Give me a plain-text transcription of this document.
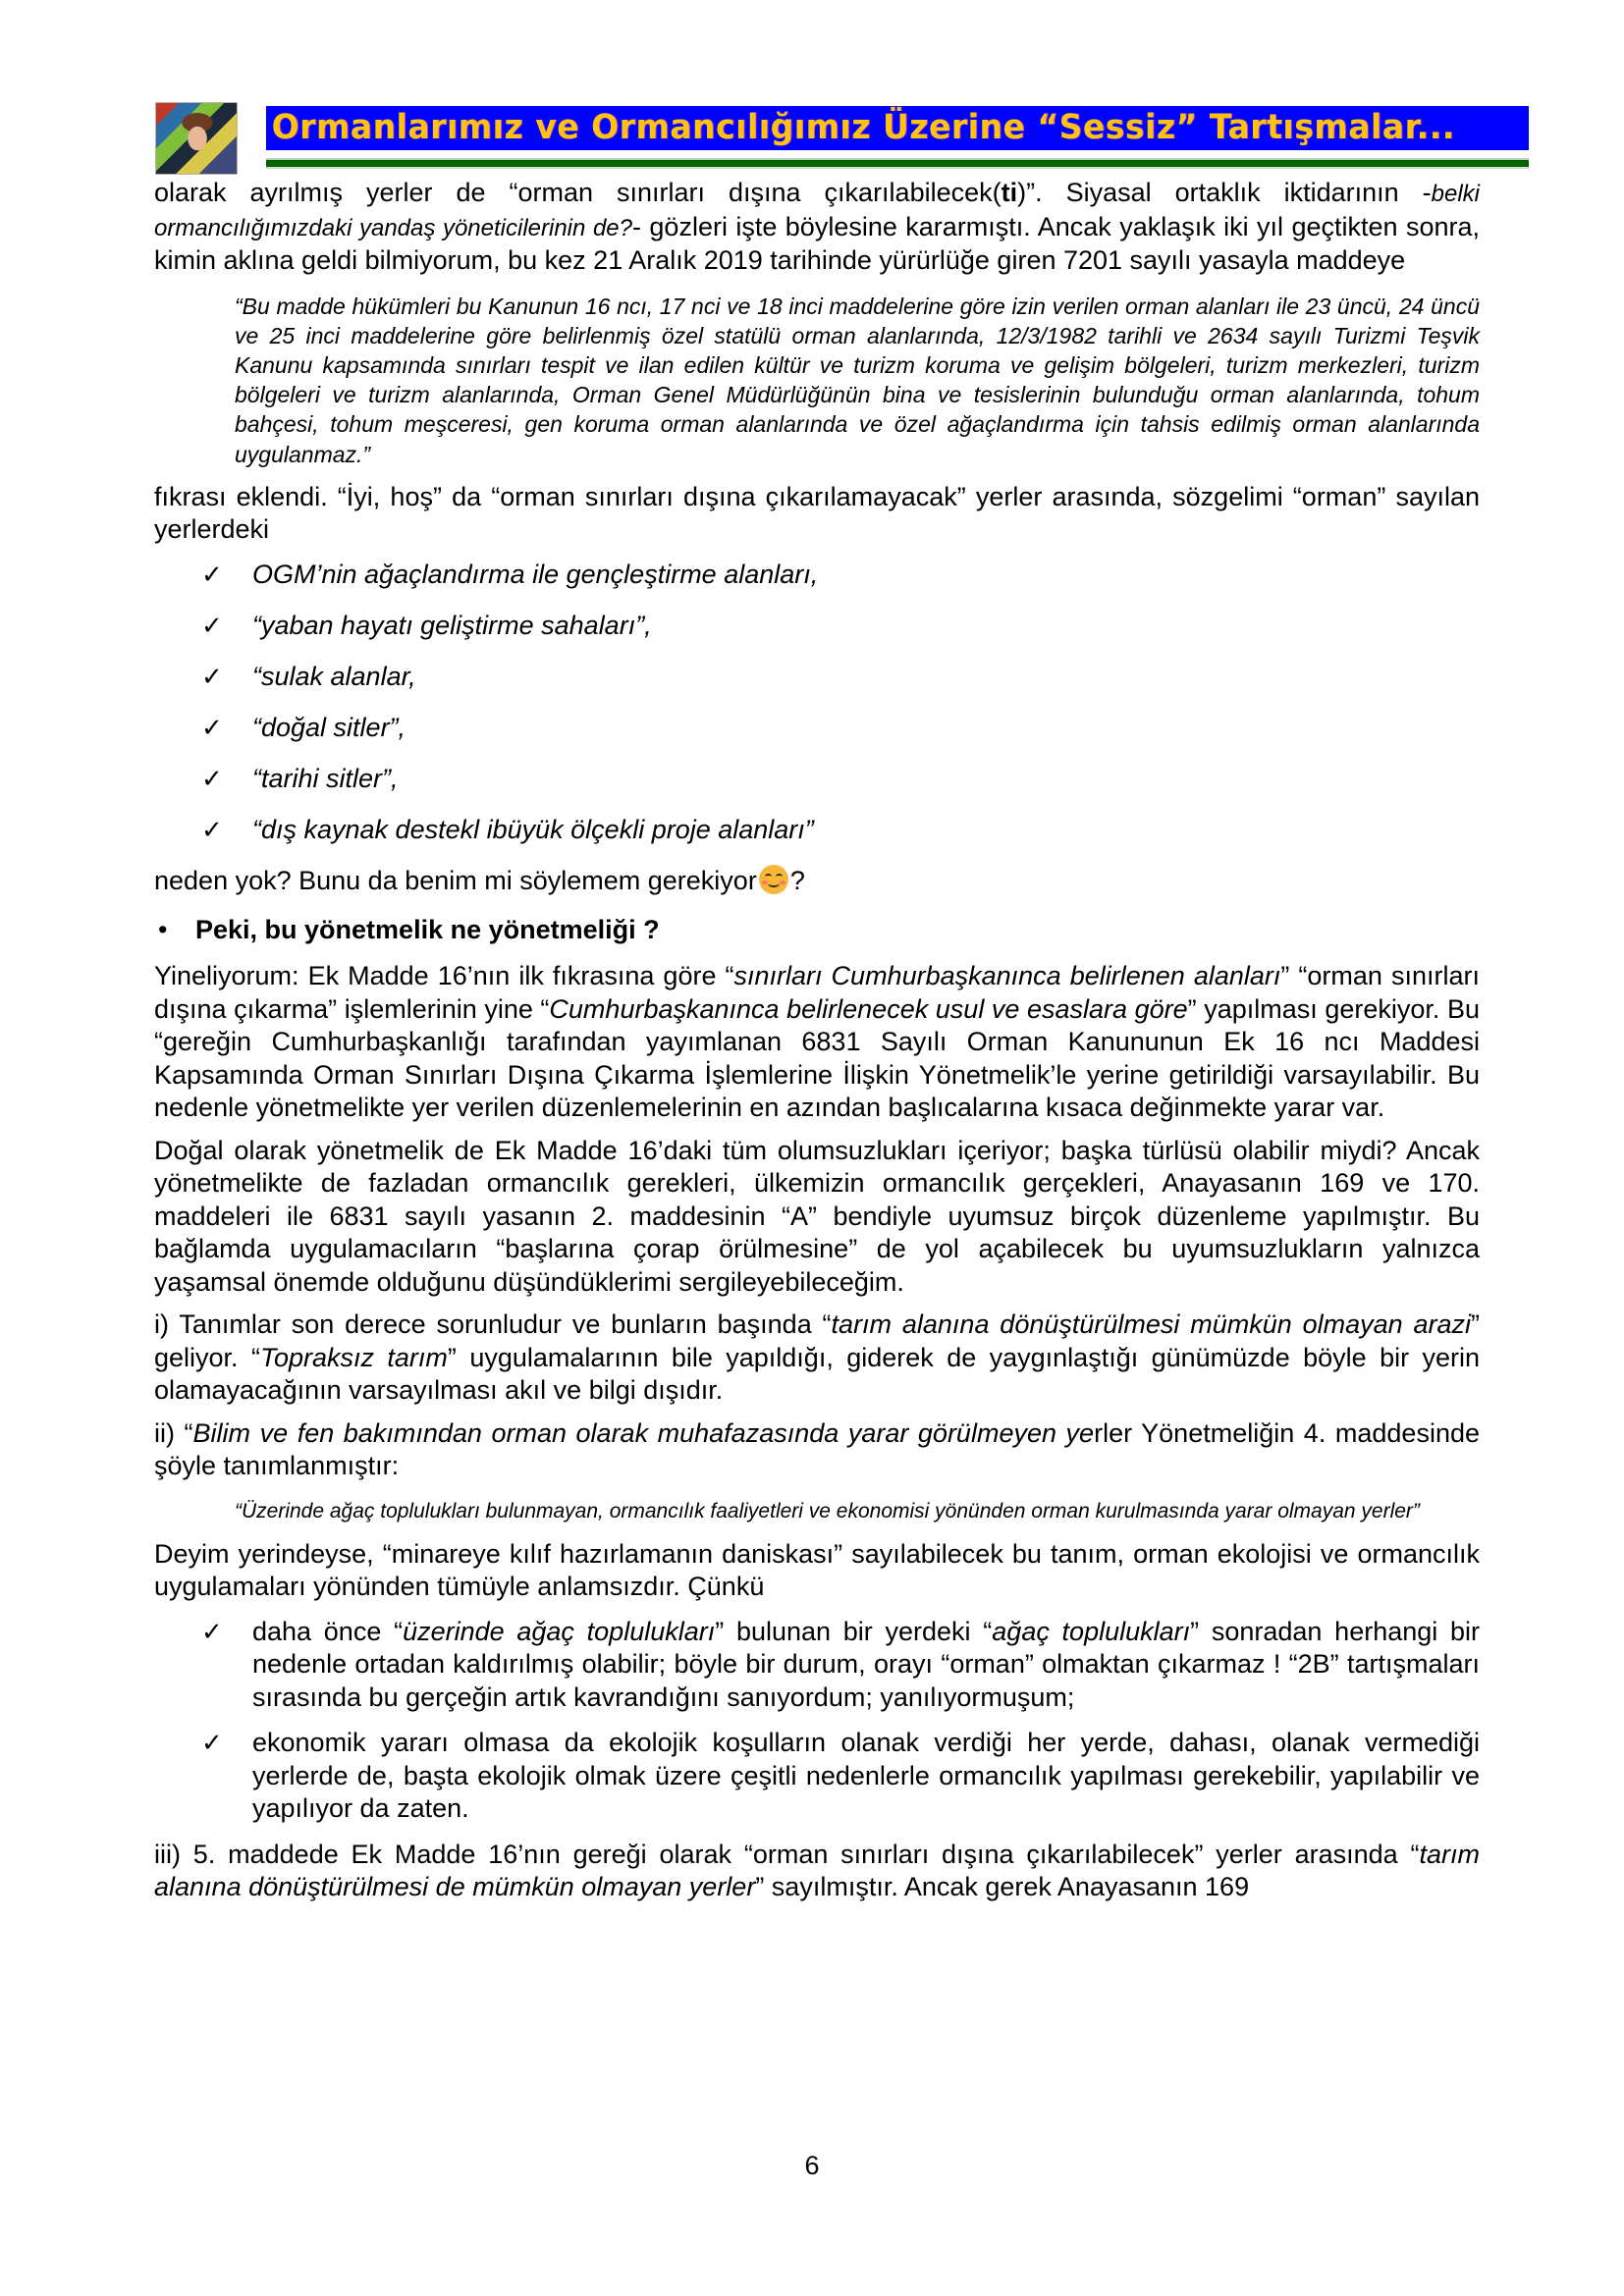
Ormanlarımız ve Ormancılığımız Üzerine “Sessiz” Tartışmalar...

olarak ayrılmış yerler de “orman sınırları dışına çıkarılabilecek(ti)”. Siyasal ortaklık iktidarının -belki ormancılığımızdaki yandaş yöneticilerinin de?- gözleri işte böylesine kararmıştı. Ancak yaklaşık iki yıl geçtikten sonra, kimin aklına geldi bilmiyorum, bu kez 21 Aralık 2019 tarihinde yürürlüğe giren 7201 sayılı yasayla maddeye

“Bu madde hükümleri bu Kanunun 16 ncı, 17 nci ve 18 inci maddelerine göre izin verilen orman alanları ile 23 üncü, 24 üncü ve 25 inci maddelerine göre belirlenmiş özel statülü orman alanlarında, 12/3/1982 tarihli ve 2634 sayılı Turizmi Teşvik Kanunu kapsamında sınırları tespit ve ilan edilen kültür ve turizm koruma ve gelişim bölgeleri, turizm merkezleri, turizm bölgeleri ve turizm alanlarında, Orman Genel Müdürlüğünün bina ve tesislerinin bulunduğu orman alanlarında, tohum bahçesi, tohum meşceresi, gen koruma orman alanlarında ve özel ağaçlandırma için tahsis edilmiş orman alanlarında uygulanmaz.”

fıkrası eklendi. “İyi, hoş” da “orman sınırları dışına çıkarılamayacak” yerler arasında, sözgelimi “orman” sayılan yerlerdeki

✓ OGM’nin ağaçlandırma ile gençleştirme alanları,
✓ “yaban hayatı geliştirme sahaları”,
✓ “sulak alanlar,
✓ “doğal sitler”,
✓ “tarihi sitler”,
✓ “dış kaynak destekl ibüyük ölçekli proje alanları”

neden yok? Bunu da benim mi söylemem gerekiyor ?

• Peki, bu yönetmelik ne yönetmeliği ?

Yineliyorum: Ek Madde 16’nın ilk fıkrasına göre “sınırları Cumhurbaşkanınca belirlenen alanları” “orman sınırları dışına çıkarma” işlemlerinin yine “Cumhurbaşkanınca belirlenecek usul ve esaslara göre” yapılması gerekiyor. Bu “gereğin Cumhurbaşkanlığı tarafından yayımlanan 6831 Sayılı Orman Kanununun Ek 16 ncı Maddesi Kapsamında Orman Sınırları Dışına Çıkarma İşlemlerine İlişkin Yönetmelik’le yerine getirildiği varsayılabilir. Bu nedenle yönetmelikte yer verilen düzenlemelerinin en azından başlıcalarına kısaca değinmekte yarar var.

Doğal olarak yönetmelik de Ek Madde 16’daki tüm olumsuzlukları içeriyor; başka türlüsü olabilir miydi? Ancak yönetmelikte de fazladan ormancılık gerekleri, ülkemizin ormancılık gerçekleri, Anayasanın 169 ve 170. maddeleri ile 6831 sayılı yasanın 2. maddesinin “A” bendiyle uyumsuz birçok düzenleme yapılmıştır. Bu bağlamda uygulamacıların “başlarına çorap örülmesine” de yol açabilecek bu uyumsuzlukların yalnızca yaşamsal önemde olduğunu düşündüklerimi sergileyebileceğim.

i) Tanımlar son derece sorunludur ve bunların başında “tarım alanına dönüştürülmesi mümkün olmayan arazi” geliyor. “Topraksız tarım” uygulamalarının bile yapıldığı, giderek de yaygınlaştığı günümüzde böyle bir yerin olamayacağının varsayılması akıl ve bilgi dışıdır.

ii) “Bilim ve fen bakımından orman olarak muhafazasında yarar görülmeyen yerler Yönetmeliğin 4. maddesinde şöyle tanımlanmıştır:

“Üzerinde ağaç toplulukları bulunmayan, ormancılık faaliyetleri ve ekonomisi yönünden orman kurulmasında yarar olmayan yerler”

Deyim yerindeyse, “minareye kılıf hazırlamanın daniskası” sayılabilecek bu tanım, orman ekolojisi ve ormancılık uygulamaları yönünden tümüyle anlamsızdır. Çünkü

✓ daha önce “üzerinde ağaç toplulukları” bulunan bir yerdeki “ağaç toplulukları” sonradan herhangi bir nedenle ortadan kaldırılmış olabilir; böyle bir durum, orayı “orman” olmaktan çıkarmaz ! “2B” tartışmaları sırasında bu gerçeğin artık kavrandığını sanıyordum; yanılıyormuşum;
✓ ekonomik yararı olmasa da ekolojik koşulların olanak verdiği her yerde, dahası, olanak vermediği yerlerde de, başta ekolojik olmak üzere çeşitli nedenlerle ormancılık yapılması gerekebilir, yapılabilir ve yapılıyor da zaten.

iii) 5. maddede Ek Madde 16’nın gereği olarak “orman sınırları dışına çıkarılabilecek” yerler arasında “tarım alanına dönüştürülmesi de mümkün olmayan yerler” sayılmıştır. Ancak gerek Anayasanın 169

6
